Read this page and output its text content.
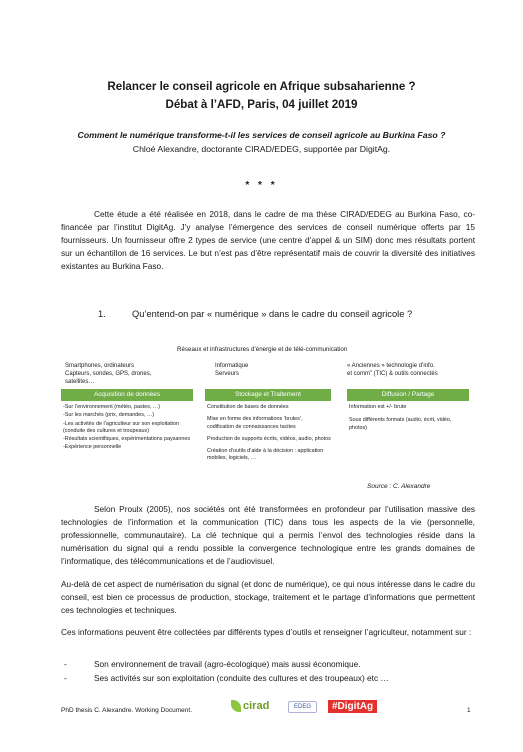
Relancer le conseil agricole en Afrique subsaharienne ?
Débat à l’AFD, Paris, 04 juillet 2019
Comment le numérique transforme-t-il les services de conseil agricole au Burkina Faso ?
Chloé Alexandre, doctorante CIRAD/EDEG, supportée par DigitAg.
* * *

Cette étude a été réalisée en 2018, dans le cadre de ma thèse CIRAD/EDEG au Burkina Faso, co-financée par l’institut DigitAg. J’y analyse l’émergence des services de conseil numérique offerts par 15 fournisseurs. Un fournisseur offre 2 types de service (une centre d’appel & un SIM) donc mes résultats portent sur un échantillon de 16 services. Le but n’est pas d’être représentatif mais de couvrir la diversité des initiatives existantes au Burkina Faso.

1.	Qu’entend-on par « numérique » dans le cadre du conseil agricole ?
Réseaux et infrastructures d’énergie et de télé-communication
Smartphones, ordinateurs
Capteurs, sondes, GPS, drones,
satellites…
Informatique
Serveurs
« Anciennes » technologie d’info.
et comm” (TIC) & outils connectés
Acquisition de données	Stockage et Traitement	Diffusion / Partage
-Sur l’environnement (météo, pastes, …)
-Sur les marchés (prix, demandes, …)
-Les activités de l’agriculteur sur son exploitation (conduite des cultures et troupeaux)
-Résultats scientifiques, expérimentations paysannes
-Expérience personnelle
Constitution de bases de données
Mise en forme des informations ‘brutes’, codification de connaissances tacites
Production de supports écrits, vidéos, audio, photos
Création d’outils d’aide à la décision : application mobiles, logiciels, …
Information est +/- brute
Sous différents formats (audio, écrit, vidéo, photos)
Source : C. Alexandre

Selon Proulx (2005), nos sociétés ont été transformées en profondeur par l’utilisation massive des technologies de l’information et la communication (TIC) dans tous les aspects de la vie (personnelle, professionnelle, communautaire). La clé technique qui a permis l’envol des technologies réside dans la numérisation du signal qui a rendu possible la convergence technologique entre les grands domaines de l’informatique, des télécommunications et de l’audiovisuel.

Au-delà de cet aspect de numérisation du signal (et donc de numérique), ce qui nous intéresse dans le cadre du conseil, est bien ce processus de production, stockage, traitement et le partage d’informations que permettent ces technologies et techniques.

Ces informations peuvent être collectées par différents types d’outils et renseigner l’agriculteur, notamment sur :

-	Son environnement de travail (agro-écologique) mais aussi économique.
-	Ses activités sur son exploitation (conduite des cultures et des troupeaux) etc …
PhD thesis C. Alexandre. Working Document.	cirad	EDEG	#DigitAg	1
